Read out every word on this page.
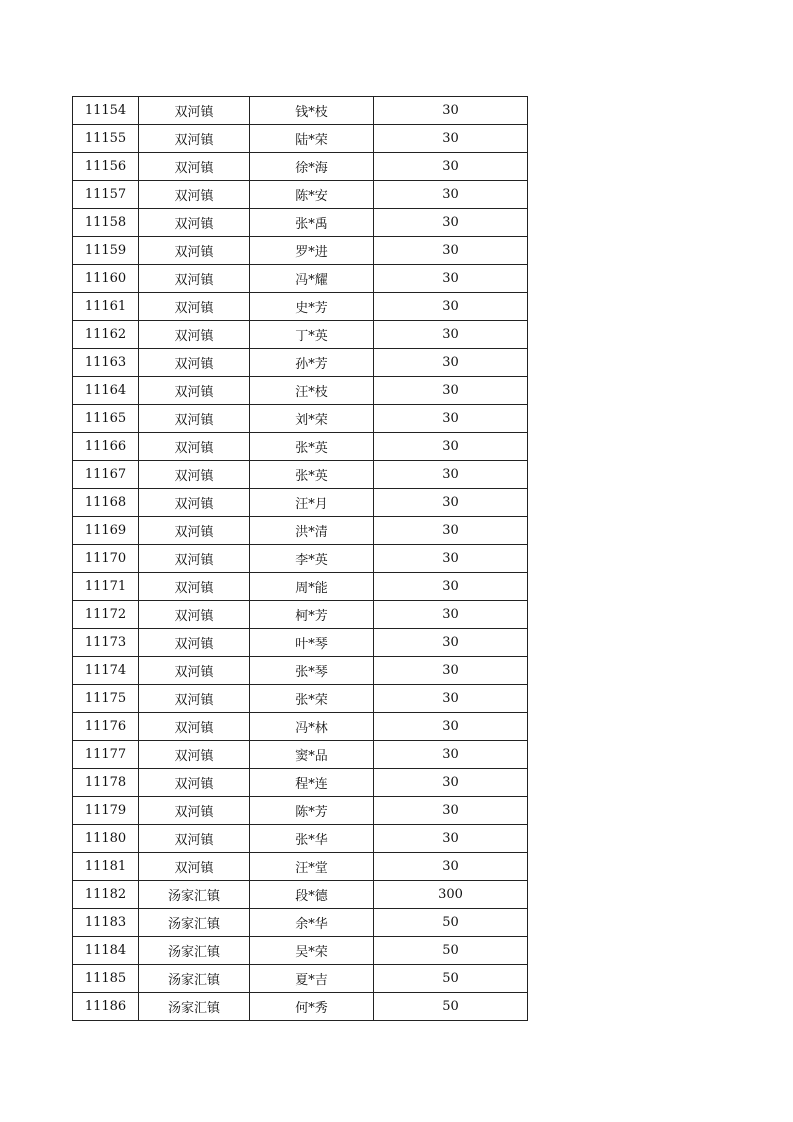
11154	双河镇	钱*枝	30
11155	双河镇	陆*荣	30
11156	双河镇	徐*海	30
11157	双河镇	陈*安	30
11158	双河镇	张*禹	30
11159	双河镇	罗*进	30
11160	双河镇	冯*耀	30
11161	双河镇	史*芳	30
11162	双河镇	丁*英	30
11163	双河镇	孙*芳	30
11164	双河镇	汪*枝	30
11165	双河镇	刘*荣	30
11166	双河镇	张*英	30
11167	双河镇	张*英	30
11168	双河镇	汪*月	30
11169	双河镇	洪*清	30
11170	双河镇	李*英	30
11171	双河镇	周*能	30
11172	双河镇	柯*芳	30
11173	双河镇	叶*琴	30
11174	双河镇	张*琴	30
11175	双河镇	张*荣	30
11176	双河镇	冯*林	30
11177	双河镇	窦*品	30
11178	双河镇	程*连	30
11179	双河镇	陈*芳	30
11180	双河镇	张*华	30
11181	双河镇	汪*堂	30
11182	汤家汇镇	段*德	300
11183	汤家汇镇	余*华	50
11184	汤家汇镇	吴*荣	50
11185	汤家汇镇	夏*吉	50
11186	汤家汇镇	何*秀	50
